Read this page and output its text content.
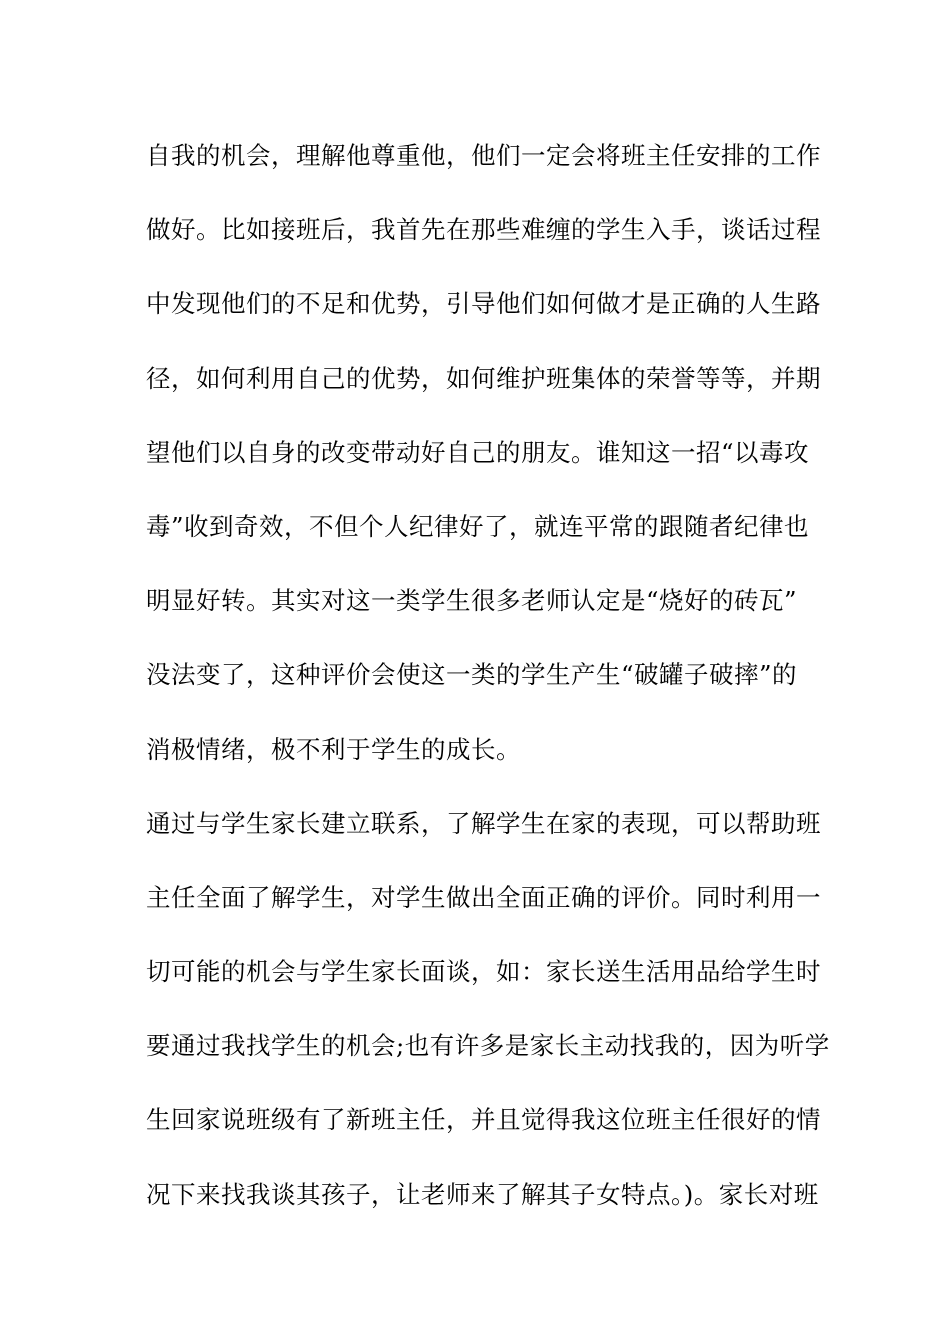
自我的机会，理解他尊重他，他们一定会将班主任安排的工作
做好。比如接班后，我首先在那些难缠的学生入手，谈话过程
中发现他们的不足和优势，引导他们如何做才是正确的人生路
径，如何利用自己的优势，如何维护班集体的荣誉等等，并期
望他们以自身的改变带动好自己的朋友。谁知这一招“以毒攻
毒”收到奇效，不但个人纪律好了，就连平常的跟随者纪律也
明显好转。其实对这一类学生很多老师认定是“烧好的砖瓦”
没法变了，这种评价会使这一类的学生产生“破罐子破摔”的
消极情绪，极不利于学生的成长。
通过与学生家长建立联系，了解学生在家的表现，可以帮助班
主任全面了解学生，对学生做出全面正确的评价。同时利用一
切可能的机会与学生家长面谈，如：家长送生活用品给学生时
要通过我找学生的机会;也有许多是家长主动找我的，因为听学
生回家说班级有了新班主任，并且觉得我这位班主任很好的情
况下来找我谈其孩子，让老师来了解其子女特点。)。家长对班
